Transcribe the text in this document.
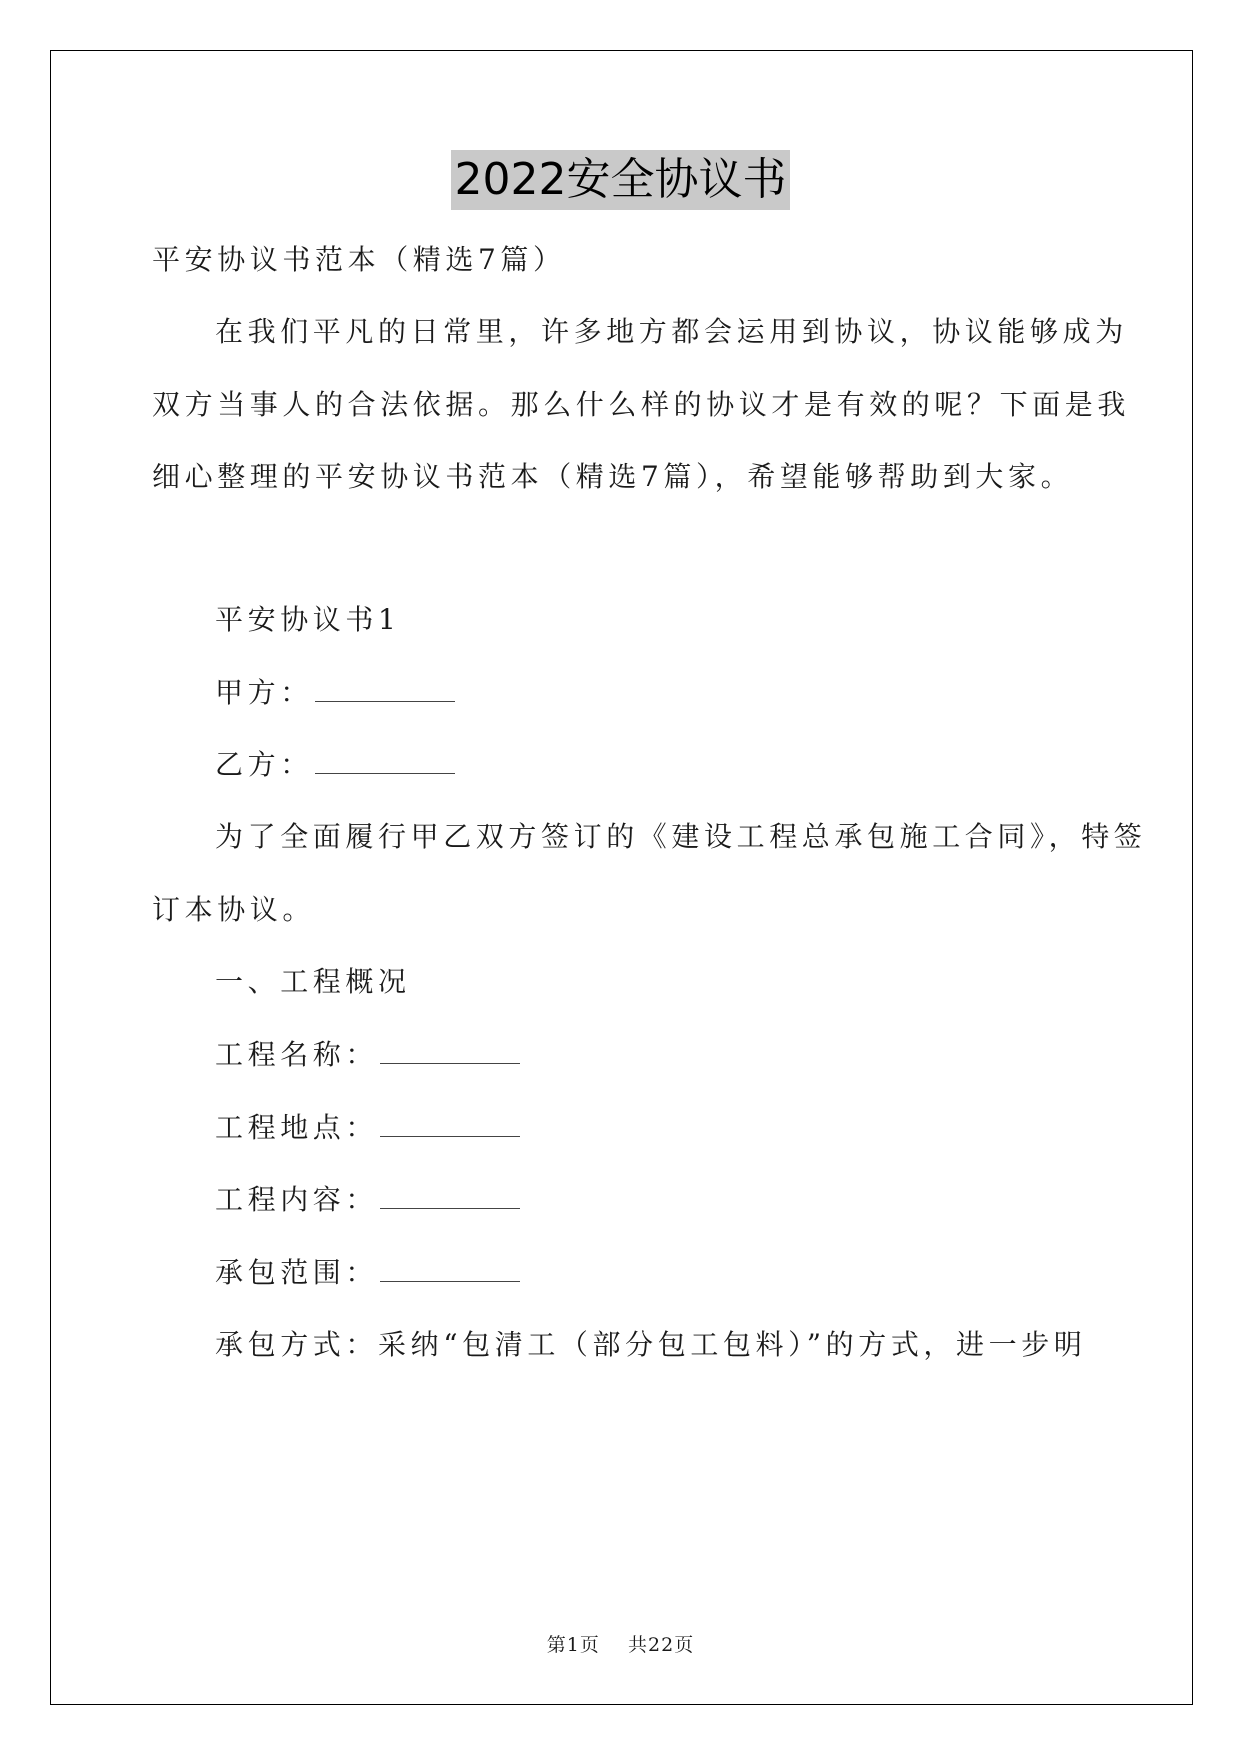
2022安全协议书
平安协议书范本（精选7篇）
在我们平凡的日常里，许多地方都会运用到协议，协议能够成为
双方当事人的合法依据。那么什么样的协议才是有效的呢？下面是我
细心整理的平安协议书范本（精选7篇），希望能够帮助到大家。
平安协议书1
甲方：
乙方：
为了全面履行甲乙双方签订的《建设工程总承包施工合同》，特签
订本协议。
一、工程概况
工程名称：
工程地点：
工程内容：
承包范围：
承包方式：采纳“包清工（部分包工包料）”的方式，进一步明
第1页    共22页
